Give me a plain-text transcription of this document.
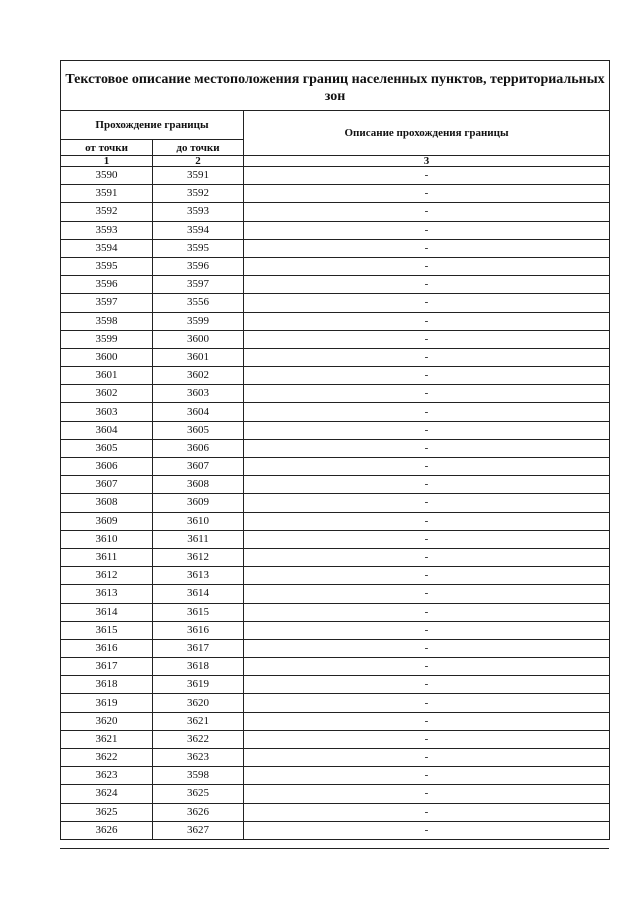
Текстовое описание местоположения границ населенных пунктов, территориальных зон		
Прохождение границы		Описание прохождения границы
от точки	до точки	
1	2	3
3590	3591	-
3591	3592	-
3592	3593	-
3593	3594	-
3594	3595	-
3595	3596	-
3596	3597	-
3597	3556	-
3598	3599	-
3599	3600	-
3600	3601	-
3601	3602	-
3602	3603	-
3603	3604	-
3604	3605	-
3605	3606	-
3606	3607	-
3607	3608	-
3608	3609	-
3609	3610	-
3610	3611	-
3611	3612	-
3612	3613	-
3613	3614	-
3614	3615	-
3615	3616	-
3616	3617	-
3617	3618	-
3618	3619	-
3619	3620	-
3620	3621	-
3621	3622	-
3622	3623	-
3623	3598	-
3624	3625	-
3625	3626	-
3626	3627	-
